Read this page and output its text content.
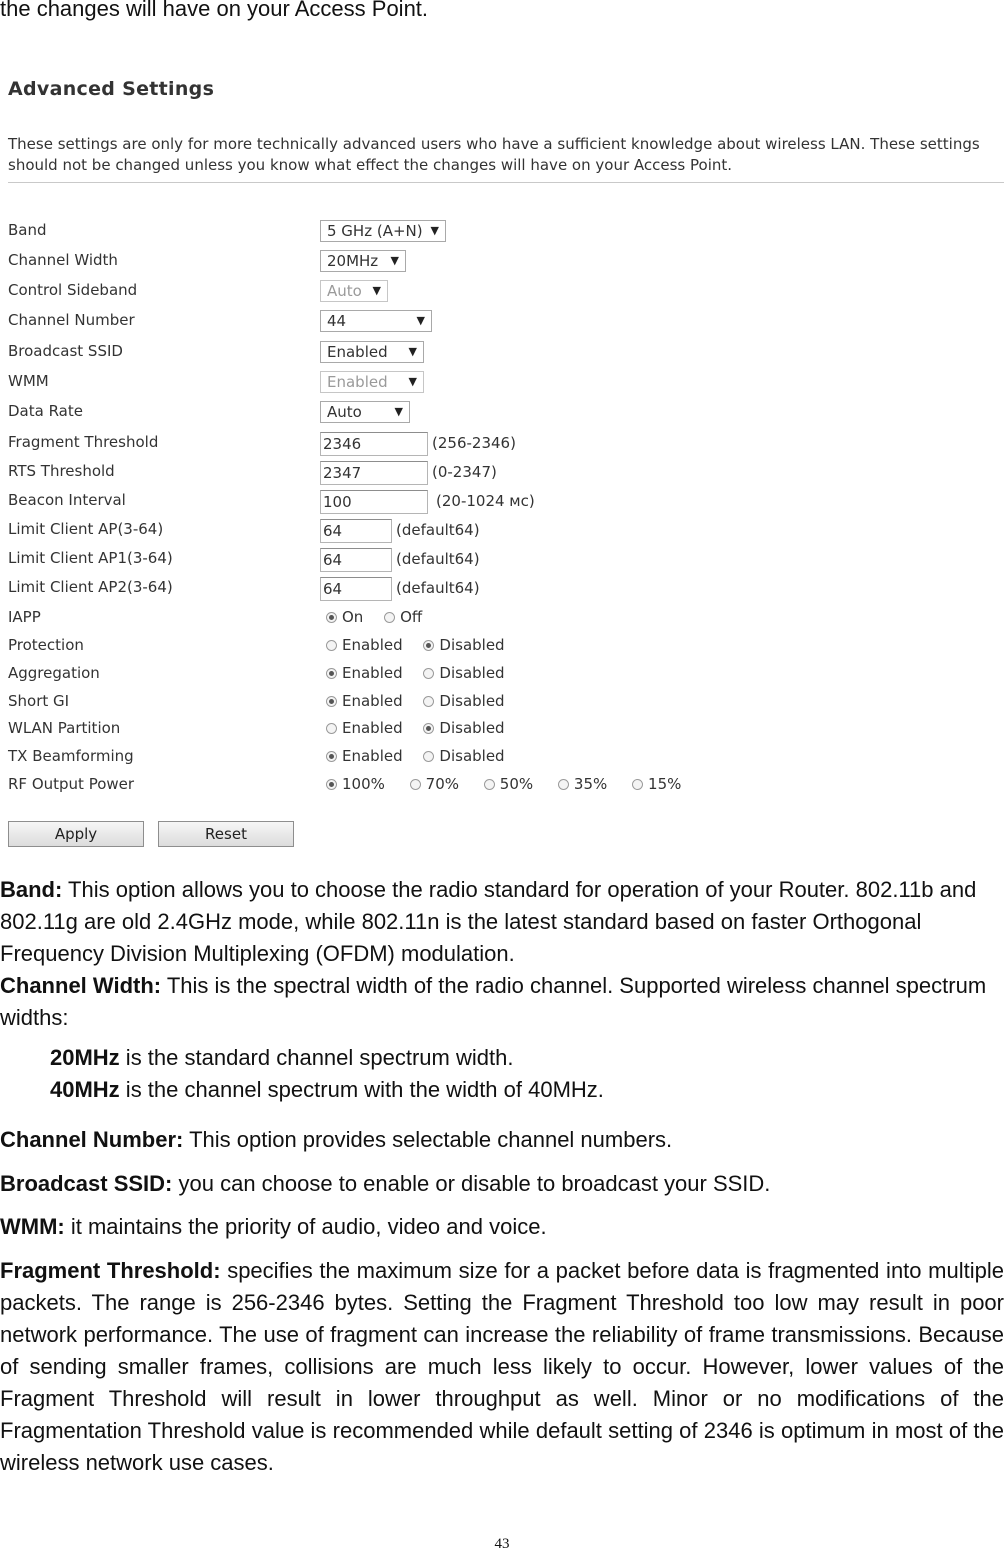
the changes will have on your Access Point.
Advanced Settings
These settings are only for more technically advanced users who have a sufficient knowledge about wireless LAN. These settings should not be changed unless you know what effect the changes will have on your Access Point.
Band	5 GHz (A+N) ▼
Channel Width	20MHz ▼
Control Sideband	Auto ▼
Channel Number	44	▼
Broadcast SSID	Enabled ▼
WMM	Enabled ▼
Data Rate	Auto	▼
Fragment Threshold	2346	(256-2346)
RTS Threshold	2347	(0-2347)
Beacon Interval	100	(20-1024 мс)
Limit Client AP(3-64)	64	(default64)
Limit Client AP1(3-64)	64	(default64)
Limit Client AP2(3-64)	64	(default64)
IAPP	On Off
Protection	Enabled Disabled
Aggregation	Enabled Disabled
Short GI	Enabled Disabled
WLAN Partition	Enabled Disabled
TX Beamforming	Enabled Disabled
RF Output Power	100%	70%	50%	35%	15%
Apply	Reset
Band: This option allows you to choose the radio standard for operation of your Router. 802.11b and 802.11g are old 2.4GHz mode, while 802.11n is the latest standard based on faster Orthogonal Frequency Division Multiplexing (OFDM) modulation.
Channel Width: This is the spectral width of the radio channel. Supported wireless channel spectrum widths:
20MHz is the standard channel spectrum width.
40MHz is the channel spectrum with the width of 40MHz.
Channel Number: This option provides selectable channel numbers.
Broadcast SSID: you can choose to enable or disable to broadcast your SSID.
WMM: it maintains the priority of audio, video and voice.
Fragment Threshold: specifies the maximum size for a packet before data is fragmented into multiple packets. The range is 256-2346 bytes. Setting the Fragment Threshold too low may result in poor network performance. The use of fragment can increase the reliability of frame transmissions. Because of sending smaller frames, collisions are much less likely to occur. However, lower values of the Fragment Threshold will result in lower throughput as well. Minor or no modifications of the Fragmentation Threshold value is recommended while default setting of 2346 is optimum in most of the wireless network use cases.
43
